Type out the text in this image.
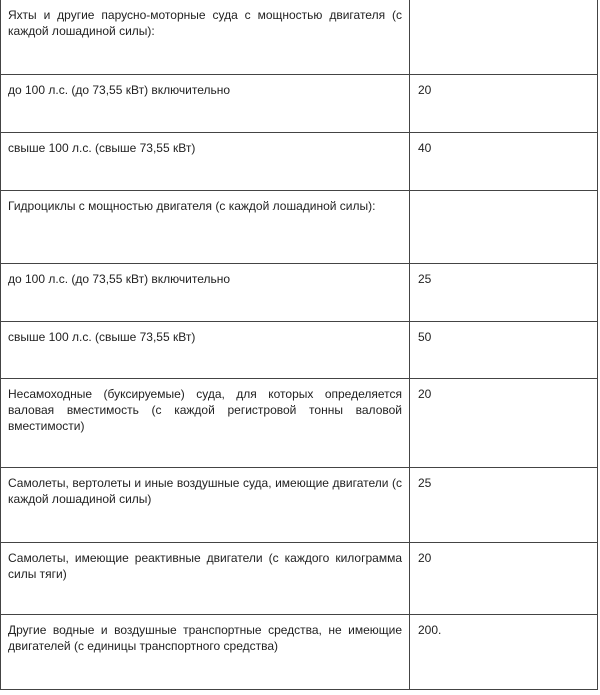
Яхты и другие парусно-моторные суда с мощностью двигателя (с каждой лошадиной силы):	
до 100 л.с. (до 73,55 кВт) включительно	20
свыше 100 л.с. (свыше 73,55 кВт)	40
Гидроциклы с мощностью двигателя (с каждой лошадиной силы):	
до 100 л.с. (до 73,55 кВт) включительно	25
свыше 100 л.с. (свыше 73,55 кВт)	50
Несамоходные (буксируемые) суда, для которых определяется валовая вместимость (с каждой регистровой тонны валовой вместимости)	20
Самолеты, вертолеты и иные воздушные суда, имеющие двигатели (с каждой лошадиной силы)	25
Самолеты, имеющие реактивные двигатели (с каждого килограмма силы тяги)	20
Другие водные и воздушные транспортные средства, не имеющие двигателей (с единицы транспортного средства)	200.
